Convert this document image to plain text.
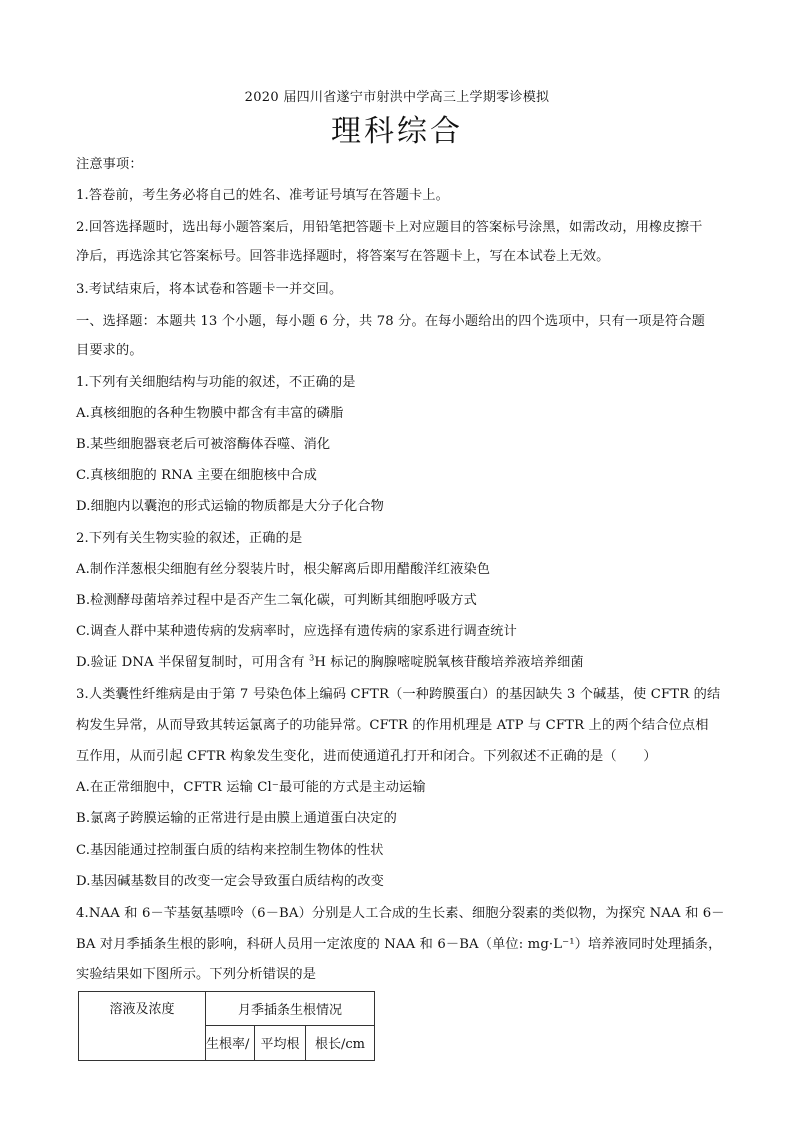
2020 届四川省遂宁市射洪中学高三上学期零诊模拟
理科综合
注意事项：
1.答卷前，考生务必将自己的姓名、准考证号填写在答题卡上。
2.回答选择题时，选出每小题答案后，用铅笔把答题卡上对应题目的答案标号涂黑，如需改动，用橡皮擦干
净后，再选涂其它答案标号。回答非选择题时，将答案写在答题卡上，写在本试卷上无效。
3.考试结束后，将本试卷和答题卡一并交回。
一、选择题：本题共 13 个小题，每小题 6 分，共 78 分。在每小题给出的四个选项中，只有一项是符合题
目要求的。
1.下列有关细胞结构与功能的叙述，不正确的是
A.真核细胞的各种生物膜中都含有丰富的磷脂
B.某些细胞器衰老后可被溶酶体吞噬、消化
C.真核细胞的 RNA 主要在细胞核中合成
D.细胞内以囊泡的形式运输的物质都是大分子化合物
2.下列有关生物实验的叙述，正确的是
A.制作洋葱根尖细胞有丝分裂装片时，根尖解离后即用醋酸洋红液染色
B.检测酵母菌培养过程中是否产生二氧化碳，可判断其细胞呼吸方式
C.调查人群中某种遗传病的发病率时，应选择有遗传病的家系进行调查统计
D.验证 DNA 半保留复制时，可用含有 $^3$H 标记的胸腺嘧啶脱氧核苷酸培养液培养细菌
3.人类囊性纤维病是由于第 7 号染色体上编码 CFTR（一种跨膜蛋白）的基因缺失 3 个碱基，使 CFTR 的结
构发生异常，从而导致其转运氯离子的功能异常。CFTR 的作用机理是 ATP 与 CFTR 上的两个结合位点相
互作用，从而引起 CFTR 构象发生变化，进而使通道孔打开和闭合。下列叙述不正确的是（　　）
A.在正常细胞中，CFTR 运输 Cl⁻最可能的方式是主动运输
B.氯离子跨膜运输的正常进行是由膜上通道蛋白决定的
C.基因能通过控制蛋白质的结构来控制生物体的性状
D.基因碱基数目的改变一定会导致蛋白质结构的改变
4.NAA 和 6－苄基氨基嘌呤（6－BA）分别是人工合成的生长素、细胞分裂素的类似物，为探究 NAA 和 6－
BA 对月季插条生根的影响，科研人员用一定浓度的 NAA 和 6－BA（单位: mg·L⁻¹）培养液同时处理插条，
实验结果如下图所示。下列分析错误的是
溶液及浓度	月季插条生根情况		
	生根率/	平均根	根长/cm
